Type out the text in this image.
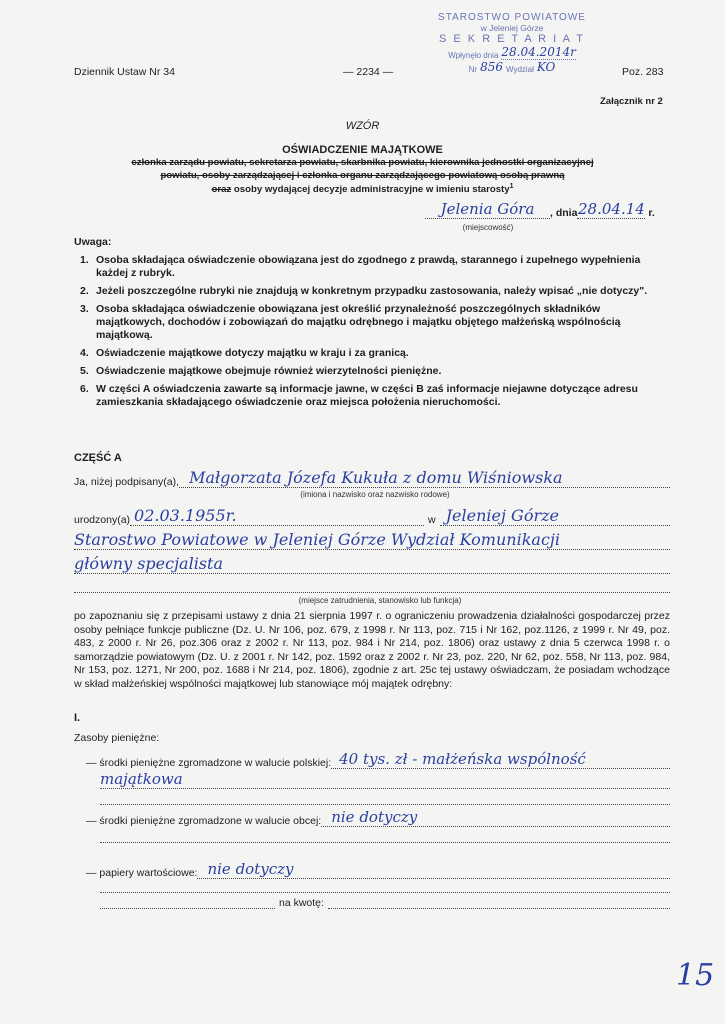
Dziennik Ustaw Nr 34	— 2234 —	Poz. 283
Załącznik nr 2
STAROSTWO POWIATOWE
w Jeleniej Górze
S E K R E T A R I A T
Wpłynęło dnia 28.04.2014r
Nr 856 Wydział KO
WZÓR
OŚWIADCZENIE MAJĄTKOWE
członka zarządu powiatu, sekretarza powiatu, skarbnika powiatu, kierownika jednostki organizacyjnej
powiatu, osoby zarządzającej i członka organu zarządzającego powiatową osobą prawną
oraz osoby wydającej decyzje administracyjne w imieniu starosty$^1$
Jelenia Góra	, dnia 28.04.14 r.
(miejscowość)
Uwaga:
1. Osoba składająca oświadczenie obowiązana jest do zgodnego z prawdą, starannego i zupełnego wypełnienia każdej z rubryk.
2. Jeżeli poszczególne rubryki nie znajdują w konkretnym przypadku zastosowania, należy wpisać „nie dotyczy".
3. Osoba składająca oświadczenie obowiązana jest określić przynależność poszczególnych składników majątkowych, dochodów i zobowiązań do majątku odrębnego i majątku objętego małżeńską wspólnością majątkową.
4. Oświadczenie majątkowe dotyczy majątku w kraju i za granicą.
5. Oświadczenie majątkowe obejmuje również wierzytelności pieniężne.
6. W części A oświadczenia zawarte są informacje jawne, w części B zaś informacje niejawne dotyczące adresu zamieszkania składającego oświadczenie oraz miejsca położenia nieruchomości.
CZĘŚĆ A
Ja, niżej podpisany(a), Małgorzata Józefa Kukuła z domu Wiśniowska
(imiona i nazwisko oraz nazwisko rodowe)
urodzony(a) 02.03.1955r.	w Jeleniej Górze
Starostwo Powiatowe w Jeleniej Górze Wydział Komunikacji
główny specjalista
(miejsce zatrudnienia, stanowisko lub funkcja)
po zapoznaniu się z przepisami ustawy z dnia 21 sierpnia 1997 r. o ograniczeniu prowadzenia działalności gospodarczej przez osoby pełniące funkcje publiczne (Dz. U. Nr 106, poz. 679, z 1998 r. Nr 113, poz. 715 i Nr 162, poz.1126, z 1999 r. Nr 49, poz. 483, z 2000 r. Nr 26, poz.306 oraz z 2002 r. Nr 113, poz. 984 i Nr 214, poz. 1806) oraz ustawy z dnia 5 czerwca 1998 r. o samorządzie powiatowym (Dz. U. z 2001 r. Nr 142, poz. 1592 oraz z 2002 r. Nr 23, poz. 220, Nr 62, poz. 558, Nr 113, poz. 984, Nr 153, poz. 1271, Nr 200, poz. 1688 i Nr 214, poz. 1806), zgodnie z art. 25c tej ustawy oświadczam, że posiadam wchodzące w skład małżeńskiej wspólności majątkowej lub stanowiące mój majątek odrębny:
I.
Zasoby pieniężne:
— środki pieniężne zgromadzone w walucie polskiej: 40 tys. zł - małżeńska wspólność
majątkowa
— środki pieniężne zgromadzone w walucie obcej: nie dotyczy
— papiery wartościowe: nie dotyczy
na kwotę:
15
